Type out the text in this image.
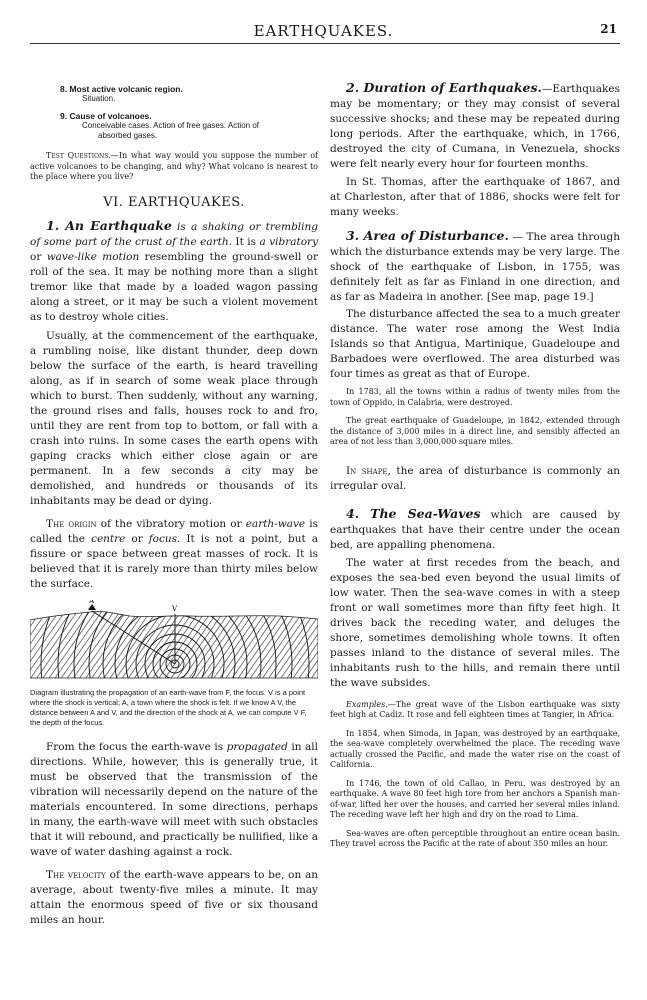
EARTHQUAKES.	21
8. Most active volcanic region.
Situation.
9. Cause of volcanoes.
Conceivable cases. Action of free gases. Action of
absorbed gases.

Test Questions.—In what way would you suppose the number of active volcanoes to be changing, and why? What volcano is nearest to the place where you live?

VI. EARTHQUAKES.

1. An Earthquake is a shaking or trembling of some part of the crust of the earth. It is a vibratory or wave-like motion resembling the ground-swell or roll of the sea. It may be nothing more than a slight tremor like that made by a loaded wagon passing along a street, or it may be such a violent movement as to destroy whole cities.

Usually, at the commencement of the earthquake, a rumbling noise, like distant thunder, deep down below the surface of the earth, is heard travelling along, as if in search of some weak place through which to burst. Then suddenly, without any warning, the ground rises and falls, houses rock to and fro, until they are rent from top to bottom, or fall with a crash into ruins. In some cases the earth opens with gaping cracks which either close again or are permanent. In a few seconds a city may be demolished, and hundreds or thousands of its inhabitants may be dead or dying.

The origin of the vibratory motion or earth-wave is called the centre or focus. It is not a point, but a fissure or space between great masses of rock. It is believed that it is rarely more than thirty miles below the surface.

A
V
Diagram illustrating the propagation of an earth-wave from F, the focus. V is a point where the shock is vertical; A, a town where the shock is felt. If we know A V, the distance between A and V, and the direction of the shock at A, we can compute V F, the depth of the focus.

From the focus the earth-wave is propagated in all directions. While, however, this is generally true, it must be observed that the transmission of the vibration will necessarily depend on the nature of the materials encountered. In some directions, perhaps in many, the earth-wave will meet with such obstacles that it will rebound, and practically be nullified, like a wave of water dashing against a rock.

The velocity of the earth-wave appears to be, on an average, about twenty-five miles a minute. It may attain the enormous speed of five or six thousand miles an hour.

2. Duration of Earthquakes.—Earthquakes may be momentary; or they may consist of several successive shocks; and these may be repeated during long periods. After the earthquake, which, in 1766, destroyed the city of Cumana, in Venezuela, shocks were felt nearly every hour for fourteen months.

In St. Thomas, after the earthquake of 1867, and at Charleston, after that of 1886, shocks were felt for many weeks.

3. Area of Disturbance. — The area through which the disturbance extends may be very large. The shock of the earthquake of Lisbon, in 1755, was definitely felt as far as Finland in one direction, and as far as Madeira in another. [See map, page 19.]

The disturbance affected the sea to a much greater distance. The water rose among the West India Islands so that Antigua, Martinique, Guadeloupe and Barbadoes were overflowed. The area disturbed was four times as great as that of Europe.

In 1783, all the towns within a radius of twenty miles from the town of Oppido, in Calabria, were destroyed.

The great earthquake of Guadeloupe, in 1842, extended through the distance of 3,000 miles in a direct line, and sensibly affected an area of not less than 3,000,000 square miles.

In shape, the area of disturbance is commonly an irregular oval.

4. The Sea-Waves which are caused by earthquakes that have their centre under the ocean bed, are appalling phenomena.

The water at first recedes from the beach, and exposes the sea-bed even beyond the usual limits of low water. Then the sea-wave comes in with a steep front or wall sometimes more than fifty feet high. It drives back the receding water, and deluges the shore, sometimes demolishing whole towns. It often passes inland to the distance of several miles. The inhabitants rush to the hills, and remain there until the wave subsides.

Examples.—The great wave of the Lisbon earthquake was sixty feet high at Cadiz. It rose and fell eighteen times at Tangier, in Africa.

In 1854, when Simoda, in Japan, was destroyed by an earthquake, the sea-wave completely overwhelmed the place. The receding wave actually crossed the Pacific, and made the water rise on the coast of California.

In 1746, the town of old Callao, in Peru, was destroyed by an earthquake. A wave 80 feet high tore from her anchors a Spanish man-of-war, lifted her over the houses, and carried her several miles inland. The receding wave left her high and dry on the road to Lima.

Sea-waves are often perceptible throughout an entire ocean basin. They travel across the Pacific at the rate of about 350 miles an hour.
